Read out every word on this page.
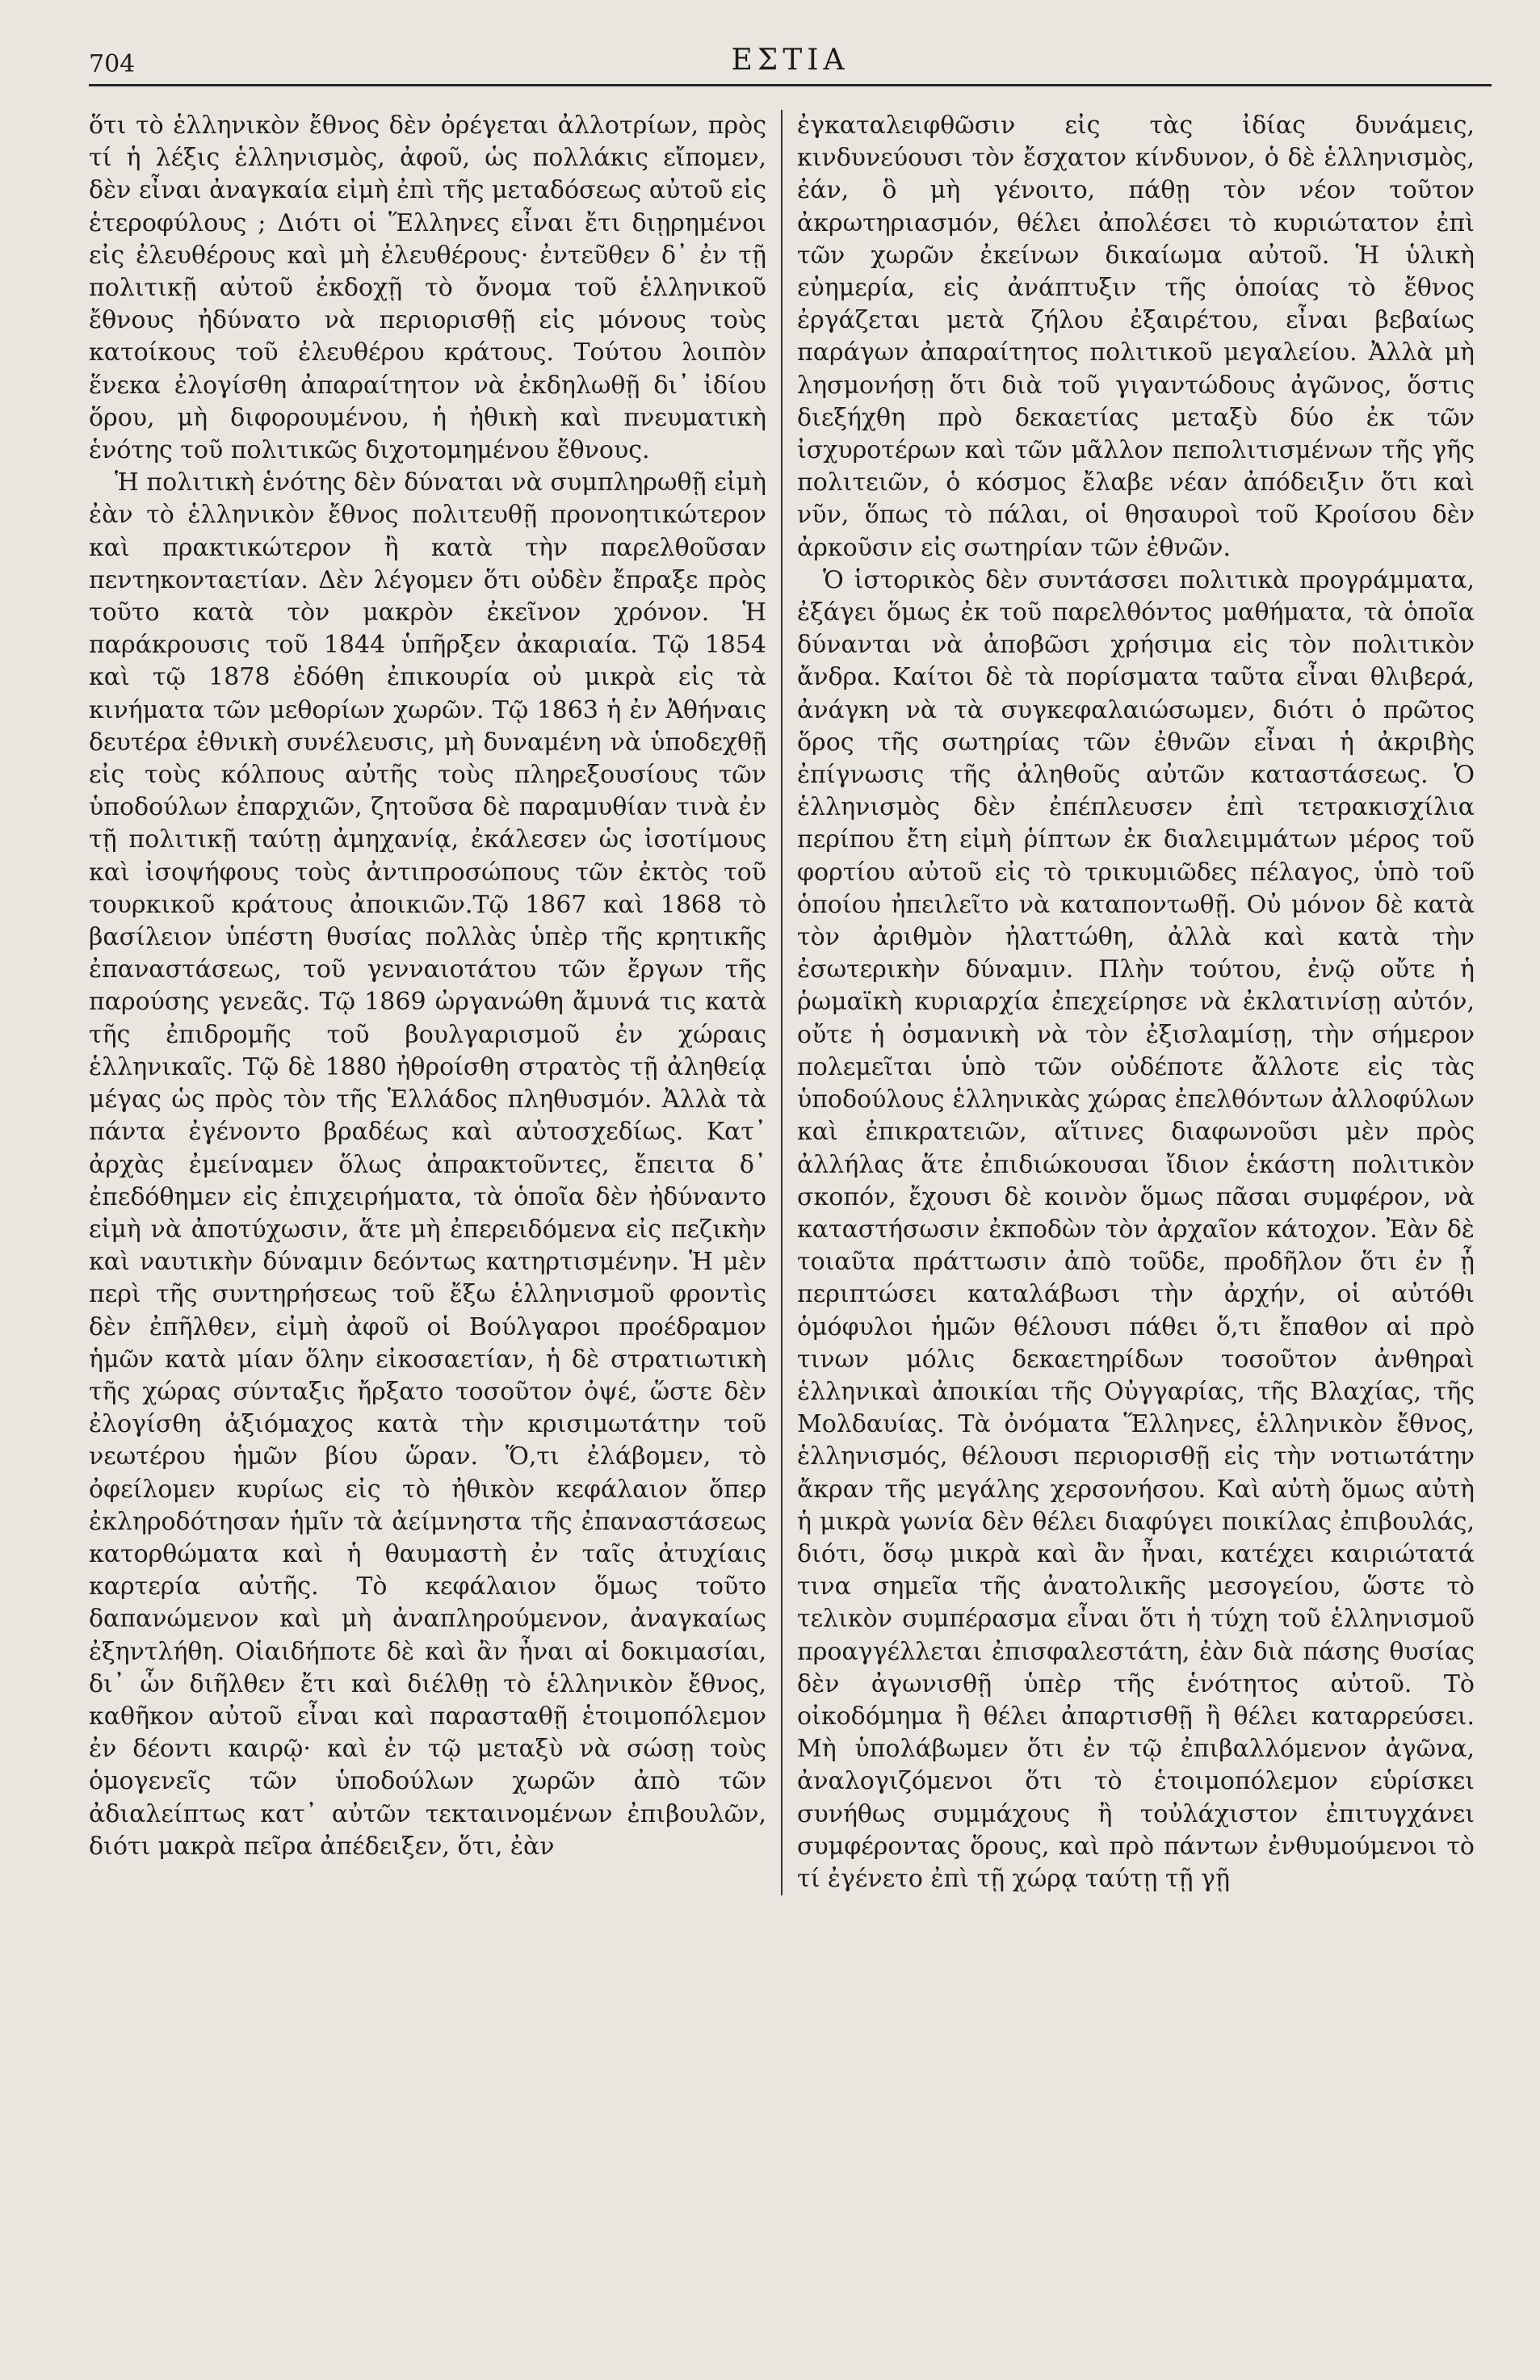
704	ΕΣΤΙΑ

ὅτι τὸ ἑλληνικὸν ἔθνος δὲν ὀρέγεται ἀλλοτρίων, πρὸς τί ἡ λέξις ἑλληνισμὸς, ἀφοῦ, ὡς πολλάκις εἴπομεν, δὲν εἶναι ἀναγκαία εἰμὴ ἐπὶ τῆς μεταδόσεως αὐτοῦ εἰς ἑτεροφύλους ; Διότι οἱ Ἕλληνες εἶναι ἔτι διῃρημένοι εἰς ἐλευθέρους καὶ μὴ ἐλευθέρους· ἐντεῦθεν δ᾿ ἐν τῇ πολιτικῇ αὐτοῦ ἐκδοχῇ τὸ ὄνομα τοῦ ἑλληνικοῦ ἔθνους ἠδύνατο νὰ περιορισθῇ εἰς μόνους τοὺς κατοίκους τοῦ ἐλευθέρου κράτους. Τούτου λοιπὸν ἕνεκα ἐλογίσθη ἀπαραίτητον νὰ ἐκδηλωθῇ δι᾿ ἰδίου ὅρου, μὴ διφορουμένου, ἡ ἠθικὴ καὶ πνευματικὴ ἑνότης τοῦ πολιτικῶς διχοτομημένου ἔθνους.

Ἡ πολιτικὴ ἑνότης δὲν δύναται νὰ συμπληρωθῇ εἰμὴ ἐὰν τὸ ἑλληνικὸν ἔθνος πολιτευθῇ προνοητικώτερον καὶ πρακτικώτερον ἢ κατὰ τὴν παρελθοῦσαν πεντηκονταετίαν. Δὲν λέγομεν ὅτι οὐδὲν ἔπραξε πρὸς τοῦτο κατὰ τὸν μακρὸν ἐκεῖνον χρόνον. Ἡ παράκρουσις τοῦ 1844 ὑπῆρξεν ἀκαριαία. Τῷ 1854 καὶ τῷ 1878 ἐδόθη ἐπικουρία οὐ μικρὰ εἰς τὰ κινήματα τῶν μεθορίων χωρῶν. Τῷ 1863 ἡ ἐν Ἀθήναις δευτέρα ἐθνικὴ συνέλευσις, μὴ δυναμένη νὰ ὑποδεχθῇ εἰς τοὺς κόλπους αὐτῆς τοὺς πληρεξουσίους τῶν ὑποδούλων ἐπαρχιῶν, ζητοῦσα δὲ παραμυθίαν τινὰ ἐν τῇ πολιτικῇ ταύτῃ ἀμηχανίᾳ, ἐκάλεσεν ὡς ἰσοτίμους καὶ ἰσοψήφους τοὺς ἀντιπροσώπους τῶν ἐκτὸς τοῦ τουρκικοῦ κράτους ἀποικιῶν.Τῷ 1867 καὶ 1868 τὸ βασίλειον ὑπέστη θυσίας πολλὰς ὑπὲρ τῆς κρητικῆς ἐπαναστάσεως, τοῦ γενναιοτάτου τῶν ἔργων τῆς παρούσης γενεᾶς. Τῷ 1869 ὠργανώθη ἄμυνά τις κατὰ τῆς ἐπιδρομῆς τοῦ βουλγαρισμοῦ ἐν χώραις ἑλληνικαῖς. Τῷ δὲ 1880 ἠθροίσθη στρατὸς τῇ ἀληθείᾳ μέγας ὡς πρὸς τὸν τῆς Ἑλλάδος πληθυσμόν. Ἀλλὰ τὰ πάντα ἐγένοντο βραδέως καὶ αὐτοσχεδίως. Κατ᾿ ἀρχὰς ἐμείναμεν ὅλως ἀπρακτοῦντες, ἔπειτα δ᾿ ἐπεδόθημεν εἰς ἐπιχειρήματα, τὰ ὁποῖα δὲν ἠδύναντο εἰμὴ νὰ ἀποτύχωσιν, ἅτε μὴ ἐπερειδόμενα εἰς πεζικὴν καὶ ναυτικὴν δύναμιν δεόντως κατηρτισμένην. Ἡ μὲν περὶ τῆς συντηρήσεως τοῦ ἔξω ἑλληνισμοῦ φροντὶς δὲν ἐπῆλθεν, εἰμὴ ἀφοῦ οἱ Βούλγαροι προέδραμον ἡμῶν κατὰ μίαν ὅλην εἰκοσαετίαν, ἡ δὲ στρατιωτικὴ τῆς χώρας σύνταξις ἤρξατο τοσοῦτον ὀψέ, ὥστε δὲν ἐλογίσθη ἀξιόμαχος κατὰ τὴν κρισιμωτάτην τοῦ νεωτέρου ἡμῶν βίου ὥραν. Ὅ,τι ἐλάβομεν, τὸ ὀφείλομεν κυρίως εἰς τὸ ἠθικὸν κεφάλαιον ὅπερ ἐκληροδότησαν ἡμῖν τὰ ἀείμνηστα τῆς ἐπαναστάσεως κατορθώματα καὶ ἡ θαυμαστὴ ἐν ταῖς ἀτυχίαις καρτερία αὐτῆς. Τὸ κεφάλαιον ὅμως τοῦτο δαπανώμενον καὶ μὴ ἀναπληρούμενον, ἀναγκαίως ἐξηντλήθη. Οἱαιδήποτε δὲ καὶ ἂν ἦναι αἱ δοκιμασίαι, δι᾿ ὧν διῆλθεν ἔτι καὶ διέλθῃ τὸ ἑλληνικὸν ἔθνος, καθῆκον αὐτοῦ εἶναι καὶ παρασταθῇ ἑτοιμοπόλεμον ἐν δέοντι καιρῷ· καὶ ἐν τῷ μεταξὺ νὰ σώσῃ τοὺς ὁμογενεῖς τῶν ὑποδούλων χωρῶν ἀπὸ τῶν ἀδιαλείπτως κατ᾿ αὐτῶν τεκταινομένων ἐπιβουλῶν, διότι μακρὰ πεῖρα ἀπέδειξεν, ὅτι, ἐὰν

ἐγκαταλειφθῶσιν εἰς τὰς ἰδίας δυνάμεις, κινδυνεύουσι τὸν ἔσχατον κίνδυνον, ὁ δὲ ἑλληνισμὸς, ἐάν, ὃ μὴ γένοιτο, πάθῃ τὸν νέον τοῦτον ἀκρωτηριασμόν, θέλει ἀπολέσει τὸ κυριώτατον ἐπὶ τῶν χωρῶν ἐκείνων δικαίωμα αὐτοῦ. Ἡ ὑλικὴ εὐημερία, εἰς ἀνάπτυξιν τῆς ὁποίας τὸ ἔθνος ἐργάζεται μετὰ ζήλου ἐξαιρέτου, εἶναι βεβαίως παράγων ἀπαραίτητος πολιτικοῦ μεγαλείου. Ἀλλὰ μὴ λησμονήσῃ ὅτι διὰ τοῦ γιγαντώδους ἀγῶνος, ὅστις διεξήχθη πρὸ δεκαετίας μεταξὺ δύο ἐκ τῶν ἰσχυροτέρων καὶ τῶν μᾶλλον πεπολιτισμένων τῆς γῆς πολιτειῶν, ὁ κόσμος ἔλαβε νέαν ἀπόδειξιν ὅτι καὶ νῦν, ὅπως τὸ πάλαι, οἱ θησαυροὶ τοῦ Κροίσου δὲν ἀρκοῦσιν εἰς σωτηρίαν τῶν ἐθνῶν.

Ὁ ἱστορικὸς δὲν συντάσσει πολιτικὰ προγράμματα, ἐξάγει ὅμως ἐκ τοῦ παρελθόντος μαθήματα, τὰ ὁποῖα δύνανται νὰ ἀποβῶσι χρήσιμα εἰς τὸν πολιτικὸν ἄνδρα. Καίτοι δὲ τὰ πορίσματα ταῦτα εἶναι θλιβερά, ἀνάγκη νὰ τὰ συγκεφαλαιώσωμεν, διότι ὁ πρῶτος ὅρος τῆς σωτηρίας τῶν ἐθνῶν εἶναι ἡ ἀκριβὴς ἐπίγνωσις τῆς ἀληθοῦς αὐτῶν καταστάσεως. Ὁ ἑλληνισμὸς δὲν ἐπέπλευσεν ἐπὶ τετρακισχίλια περίπου ἔτη εἰμὴ ῥίπτων ἐκ διαλειμμάτων μέρος τοῦ φορτίου αὐτοῦ εἰς τὸ τρικυμιῶδες πέλαγος, ὑπὸ τοῦ ὁποίου ἠπειλεῖτο νὰ καταποντωθῇ. Οὐ μόνον δὲ κατὰ τὸν ἀριθμὸν ἠλαττώθη, ἀλλὰ καὶ κατὰ τὴν ἐσωτερικὴν δύναμιν. Πλὴν τούτου, ἐνῷ οὔτε ἡ ῥωμαϊκὴ κυριαρχία ἐπεχείρησε νὰ ἐκλατινίσῃ αὐτόν, οὔτε ἡ ὀσμανικὴ νὰ τὸν ἐξισλαμίσῃ, τὴν σήμερον πολεμεῖται ὑπὸ τῶν οὐδέποτε ἄλλοτε εἰς τὰς ὑποδούλους ἑλληνικὰς χώρας ἐπελθόντων ἀλλοφύλων καὶ ἐπικρατειῶν, αἵτινες διαφωνοῦσι μὲν πρὸς ἀλλήλας ἅτε ἐπιδιώκουσαι ἴδιον ἑκάστη πολιτικὸν σκοπόν, ἔχουσι δὲ κοινὸν ὅμως πᾶσαι συμφέρον, νὰ καταστήσωσιν ἐκποδὼν τὸν ἀρχαῖον κάτοχον. Ἐὰν δὲ τοιαῦτα πράττωσιν ἀπὸ τοῦδε, προδῆλον ὅτι ἐν ᾗ περιπτώσει καταλάβωσι τὴν ἀρχήν, οἱ αὐτόθι ὁμόφυλοι ἡμῶν θέλουσι πάθει ὅ,τι ἔπαθον αἱ πρὸ τινων μόλις δεκαετηρίδων τοσοῦτον ἀνθηραὶ ἑλληνικαὶ ἀποικίαι τῆς Οὐγγαρίας, τῆς Βλαχίας, τῆς Μολδαυίας. Τὰ ὀνόματα Ἕλληνες, ἑλληνικὸν ἔθνος, ἑλληνισμός, θέλουσι περιορισθῇ εἰς τὴν νοτιωτάτην ἄκραν τῆς μεγάλης χερσονήσου. Καὶ αὐτὴ ὅμως αὐτὴ ἡ μικρὰ γωνία δὲν θέλει διαφύγει ποικίλας ἐπιβουλάς, διότι, ὅσῳ μικρὰ καὶ ἂν ἦναι, κατέχει καιριώτατά τινα σημεῖα τῆς ἀνατολικῆς μεσογείου, ὥστε τὸ τελικὸν συμπέρασμα εἶναι ὅτι ἡ τύχη τοῦ ἑλληνισμοῦ προαγγέλλεται ἐπισφαλεστάτη, ἐὰν διὰ πάσης θυσίας δὲν ἀγωνισθῇ ὑπὲρ τῆς ἑνότητος αὐτοῦ. Τὸ οἰκοδόμημα ἢ θέλει ἀπαρτισθῇ ἢ θέλει καταρρεύσει. Μὴ ὑπολάβωμεν ὅτι ἐν τῷ ἐπιβαλλόμενον ἀγῶνα, ἀναλογιζόμενοι ὅτι τὸ ἑτοιμοπόλεμον εὑρίσκει συνήθως συμμάχους ἢ τοὐλάχιστον ἐπιτυγχάνει συμφέροντας ὅρους, καὶ πρὸ πάντων ἐνθυμούμενοι τὸ τί ἐγένετο ἐπὶ τῇ χώρᾳ ταύτῃ τῇ γῇ
